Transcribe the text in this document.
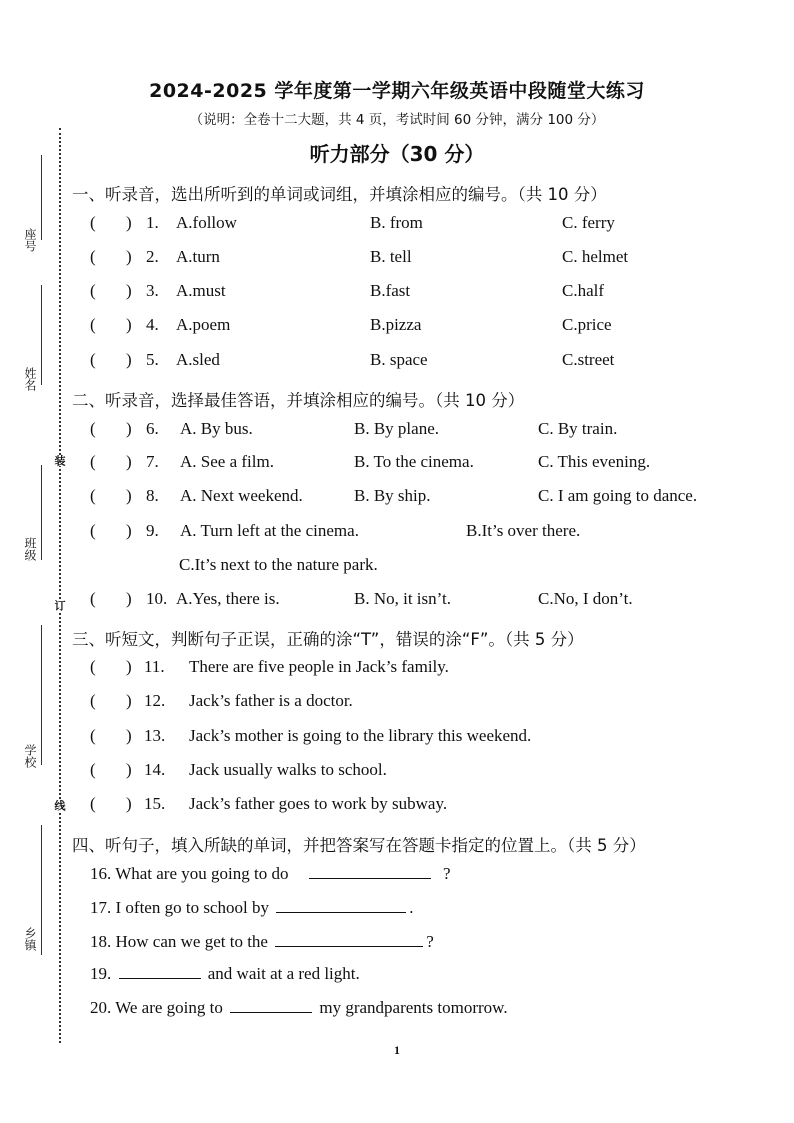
2024-2025 学年度第一学期六年级英语中段随堂大练习
（说明：全卷十二大题，共 4 页，考试时间 60 分钟，满分 100 分）
听力部分（30 分）
座号
姓名
装
班级
订
学校
线
乡镇
一、听录音，选出所听到的单词或词组，并填涂相应的编号。（共 10 分）
( ) 1. A.follow	B. from	C. ferry
( ) 2. A.turn	B. tell	C. helmet
( ) 3. A.must	B.fast	C.half
( ) 4. A.poem	B.pizza	C.price
( ) 5. A.sled	B. space	C.street
二、听录音，选择最佳答语，并填涂相应的编号。（共 10 分）
( ) 6. A. By bus.	B. By plane.	C. By train.
( ) 7. A. See a film.	B. To the cinema.	C. This evening.
( ) 8. A. Next weekend.	B. By ship.	C. I am going to dance.
( ) 9. A. Turn left at the cinema.	B.It’s over there.
C.It’s next to the nature park.
( ) 10. A.Yes, there is.	B. No, it isn’t.	C.No, I don’t.
三、听短文，判断句子正误，正确的涂“T”，错误的涂“F”。（共 5 分）
( ) 11. There are five people in Jack’s family.
( ) 12. Jack’s father is a doctor.
( ) 13. Jack’s mother is going to the library this weekend.
( ) 14. Jack usually walks to school.
( ) 15. Jack’s father goes to work by subway.
四、听句子，填入所缺的单词，并把答案写在答题卡指定的位置上。（共 5 分）
16. What are you going to do	?
17. I often go to school by	.
18. How can we get to the	?
19.	and wait at a red light.
20. We are going to	my grandparents tomorrow.
1
